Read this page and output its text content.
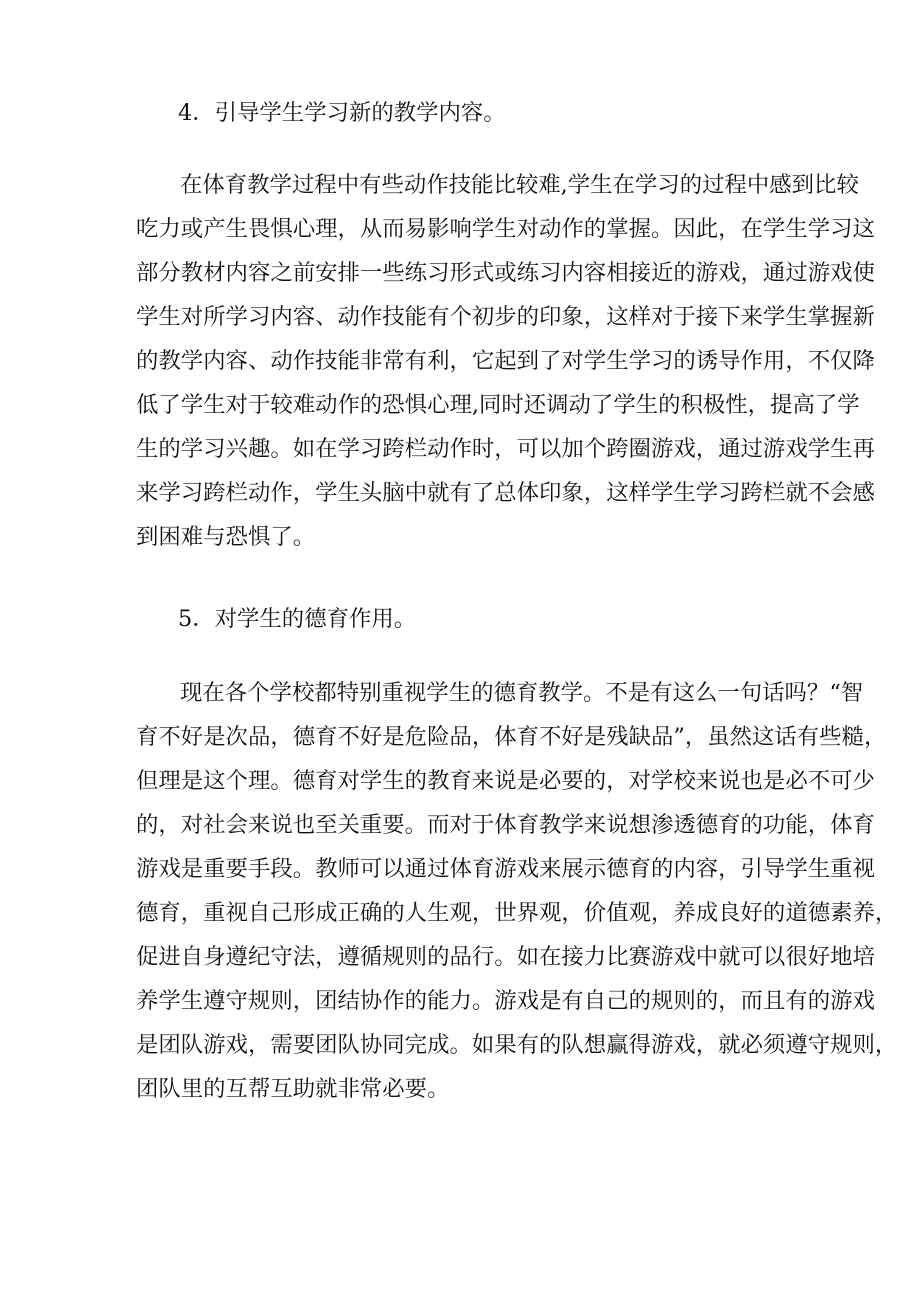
4．引导学生学习新的教学内容。
在体育教学过程中有些动作技能比较难,学生在学习的过程中感到比较
吃力或产生畏惧心理，从而易影响学生对动作的掌握。因此，在学生学习这
部分教材内容之前安排一些练习形式或练习内容相接近的游戏，通过游戏使
学生对所学习内容、动作技能有个初步的印象，这样对于接下来学生掌握新
的教学内容、动作技能非常有利，它起到了对学生学习的诱导作用，不仅降
低了学生对于较难动作的恐惧心理,同时还调动了学生的积极性，提高了学
生的学习兴趣。如在学习跨栏动作时，可以加个跨圈游戏，通过游戏学生再
来学习跨栏动作，学生头脑中就有了总体印象，这样学生学习跨栏就不会感
到困难与恐惧了。
5．对学生的德育作用。
现在各个学校都特别重视学生的德育教学。不是有这么一句话吗？“智
育不好是次品，德育不好是危险品，体育不好是残缺品”，虽然这话有些糙，
但理是这个理。德育对学生的教育来说是必要的，对学校来说也是必不可少
的，对社会来说也至关重要。而对于体育教学来说想渗透德育的功能，体育
游戏是重要手段。教师可以通过体育游戏来展示德育的内容，引导学生重视
德育，重视自己形成正确的人生观，世界观，价值观，养成良好的道德素养，
促进自身遵纪守法，遵循规则的品行。如在接力比赛游戏中就可以很好地培
养学生遵守规则，团结协作的能力。游戏是有自己的规则的，而且有的游戏
是团队游戏，需要团队协同完成。如果有的队想赢得游戏，就必须遵守规则，
团队里的互帮互助就非常必要。
